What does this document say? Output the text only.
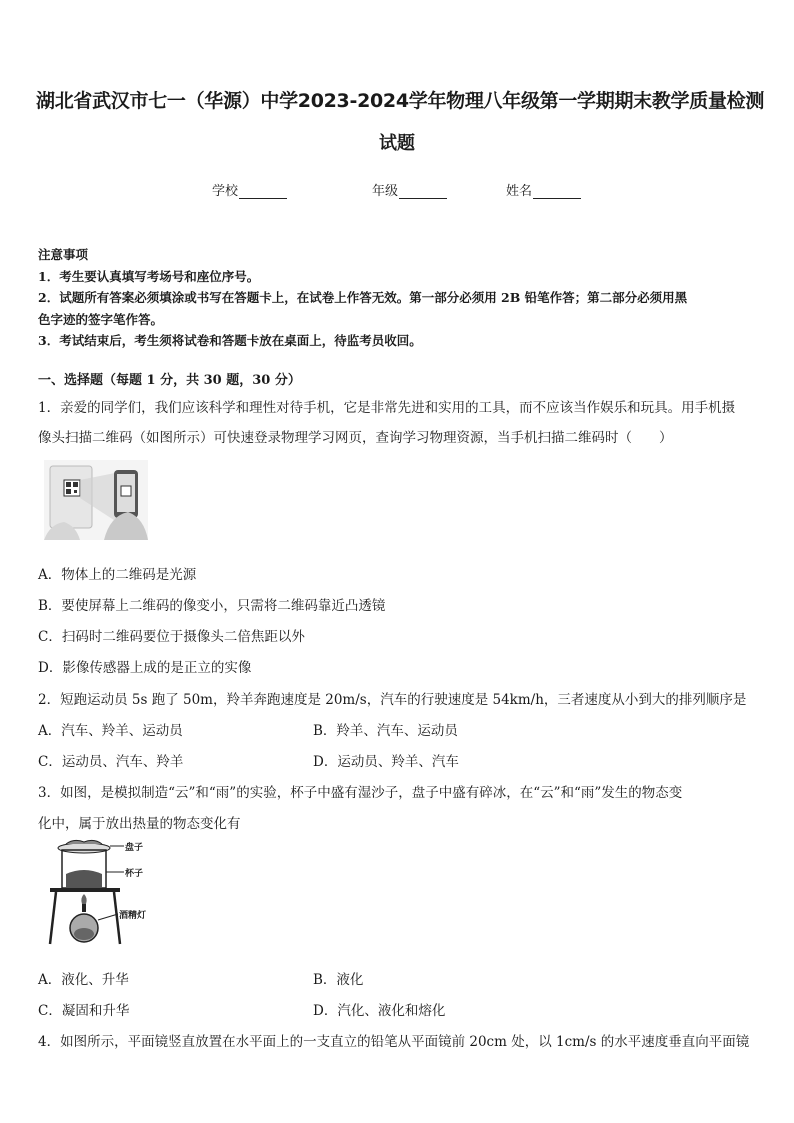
湖北省武汉市七一（华源）中学2023-2024学年物理八年级第一学期期末教学质量检测
试题
学校	年级	姓名
注意事项
1．考生要认真填写考场号和座位序号。
2．试题所有答案必须填涂或书写在答题卡上，在试卷上作答无效。第一部分必须用 2B 铅笔作答；第二部分必须用黑
色字迹的签字笔作答。
3．考试结束后，考生须将试卷和答题卡放在桌面上，待监考员收回。
一、选择题（每题 1 分，共 30 题，30 分）
1．亲爱的同学们，我们应该科学和理性对待手机，它是非常先进和实用的工具，而不应该当作娱乐和玩具。用手机摄
像头扫描二维码（如图所示）可快速登录物理学习网页，查询学习物理资源，当手机扫描二维码时（　　）
A．物体上的二维码是光源
B．要使屏幕上二维码的像变小，只需将二维码靠近凸透镜
C．扫码时二维码要位于摄像头二倍焦距以外
D．影像传感器上成的是正立的实像
2．短跑运动员 5s 跑了 50m，羚羊奔跑速度是 20m/s，汽车的行驶速度是 54km/h，三者速度从小到大的排列顺序是
A．汽车、羚羊、运动员	B．羚羊、汽车、运动员
C．运动员、汽车、羚羊	D．运动员、羚羊、汽车
3．如图，是模拟制造“云”和“雨”的实验，杯子中盛有湿沙子，盘子中盛有碎冰，在“云”和“雨”发生的物态变
化中，属于放出热量的物态变化有
盘子
杯子
酒精灯
A．液化、升华	B．液化
C．凝固和升华	D．汽化、液化和熔化
4．如图所示，平面镜竖直放置在水平面上的一支直立的铅笔从平面镜前 20cm 处，以 1cm/s 的水平速度垂直向平面镜
